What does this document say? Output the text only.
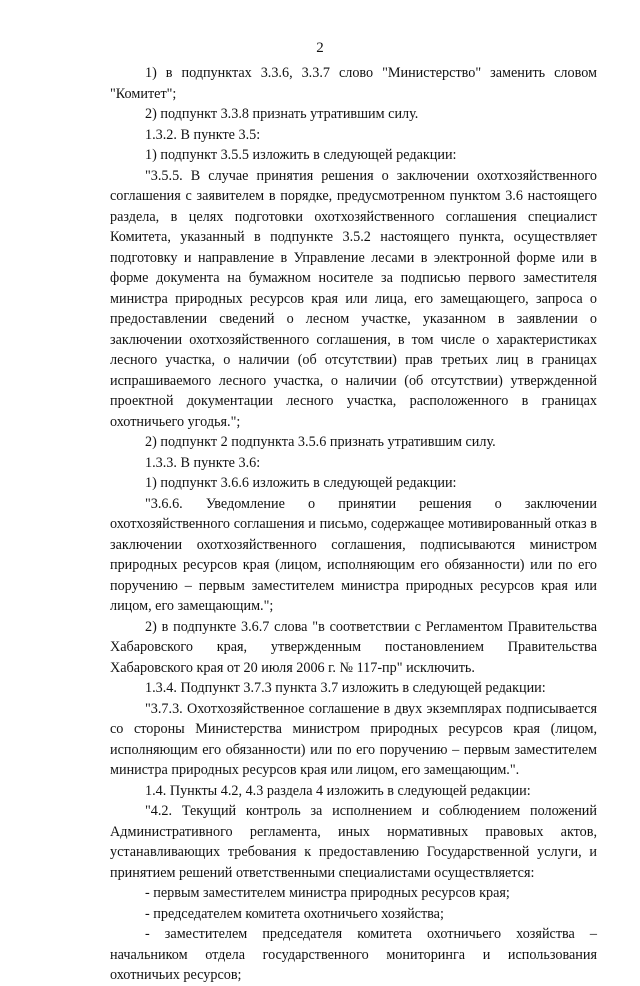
2

1) в подпунктах 3.3.6, 3.3.7 слово "Министерство" заменить словом "Комитет";

2) подпункт 3.3.8 признать утратившим силу.

1.3.2. В пункте 3.5:

1) подпункт 3.5.5 изложить в следующей редакции:

"3.5.5. В случае принятия решения о заключении охотхозяйственного соглашения с заявителем в порядке, предусмотренном пунктом 3.6 настоящего раздела, в целях подготовки охотхозяйственного соглашения специалист Комитета, указанный в подпункте 3.5.2 настоящего пункта, осуществляет подготовку и направление в Управление лесами в электронной форме или в форме документа на бумажном носителе за подписью первого заместителя министра природных ресурсов края или лица, его замещающего, запроса о предоставлении сведений о лесном участке, указанном в заявлении о заключении охотхозяйственного соглашения, в том числе о характеристиках лесного участка, о наличии (об отсутствии) прав третьих лиц в границах испрашиваемого лесного участка, о наличии (об отсутствии) утвержденной проектной документации лесного участка, расположенного в границах охотничьего угодья.";

2) подпункт 2 подпункта 3.5.6 признать утратившим силу.

1.3.3. В пункте 3.6:

1) подпункт 3.6.6 изложить в следующей редакции:

"3.6.6. Уведомление о принятии решения о заключении охотхозяйственного соглашения и письмо, содержащее мотивированный отказ в заключении охотхозяйственного соглашения, подписываются министром природных ресурсов края (лицом, исполняющим его обязанности) или по его поручению – первым заместителем министра природных ресурсов края или лицом, его замещающим.";

2) в подпункте 3.6.7 слова "в соответствии с Регламентом Правительства Хабаровского края, утвержденным постановлением Правительства Хабаровского края от 20 июля 2006 г. № 117-пр" исключить.

1.3.4. Подпункт 3.7.3 пункта 3.7 изложить в следующей редакции:

"3.7.3. Охотхозяйственное соглашение в двух экземплярах подписывается со стороны Министерства министром природных ресурсов края (лицом, исполняющим его обязанности) или по его поручению – первым заместителем министра природных ресурсов края или лицом, его замещающим.".

1.4. Пункты 4.2, 4.3 раздела 4 изложить в следующей редакции:

"4.2. Текущий контроль за исполнением и соблюдением положений Административного регламента, иных нормативных правовых актов, устанавливающих требования к предоставлению Государственной услуги, и принятием решений ответственными специалистами осуществляется:

- первым заместителем министра природных ресурсов края;

- председателем комитета охотничьего хозяйства;

- заместителем председателя комитета охотничьего хозяйства – начальником отдела государственного мониторинга и использования охотничьих ресурсов;
